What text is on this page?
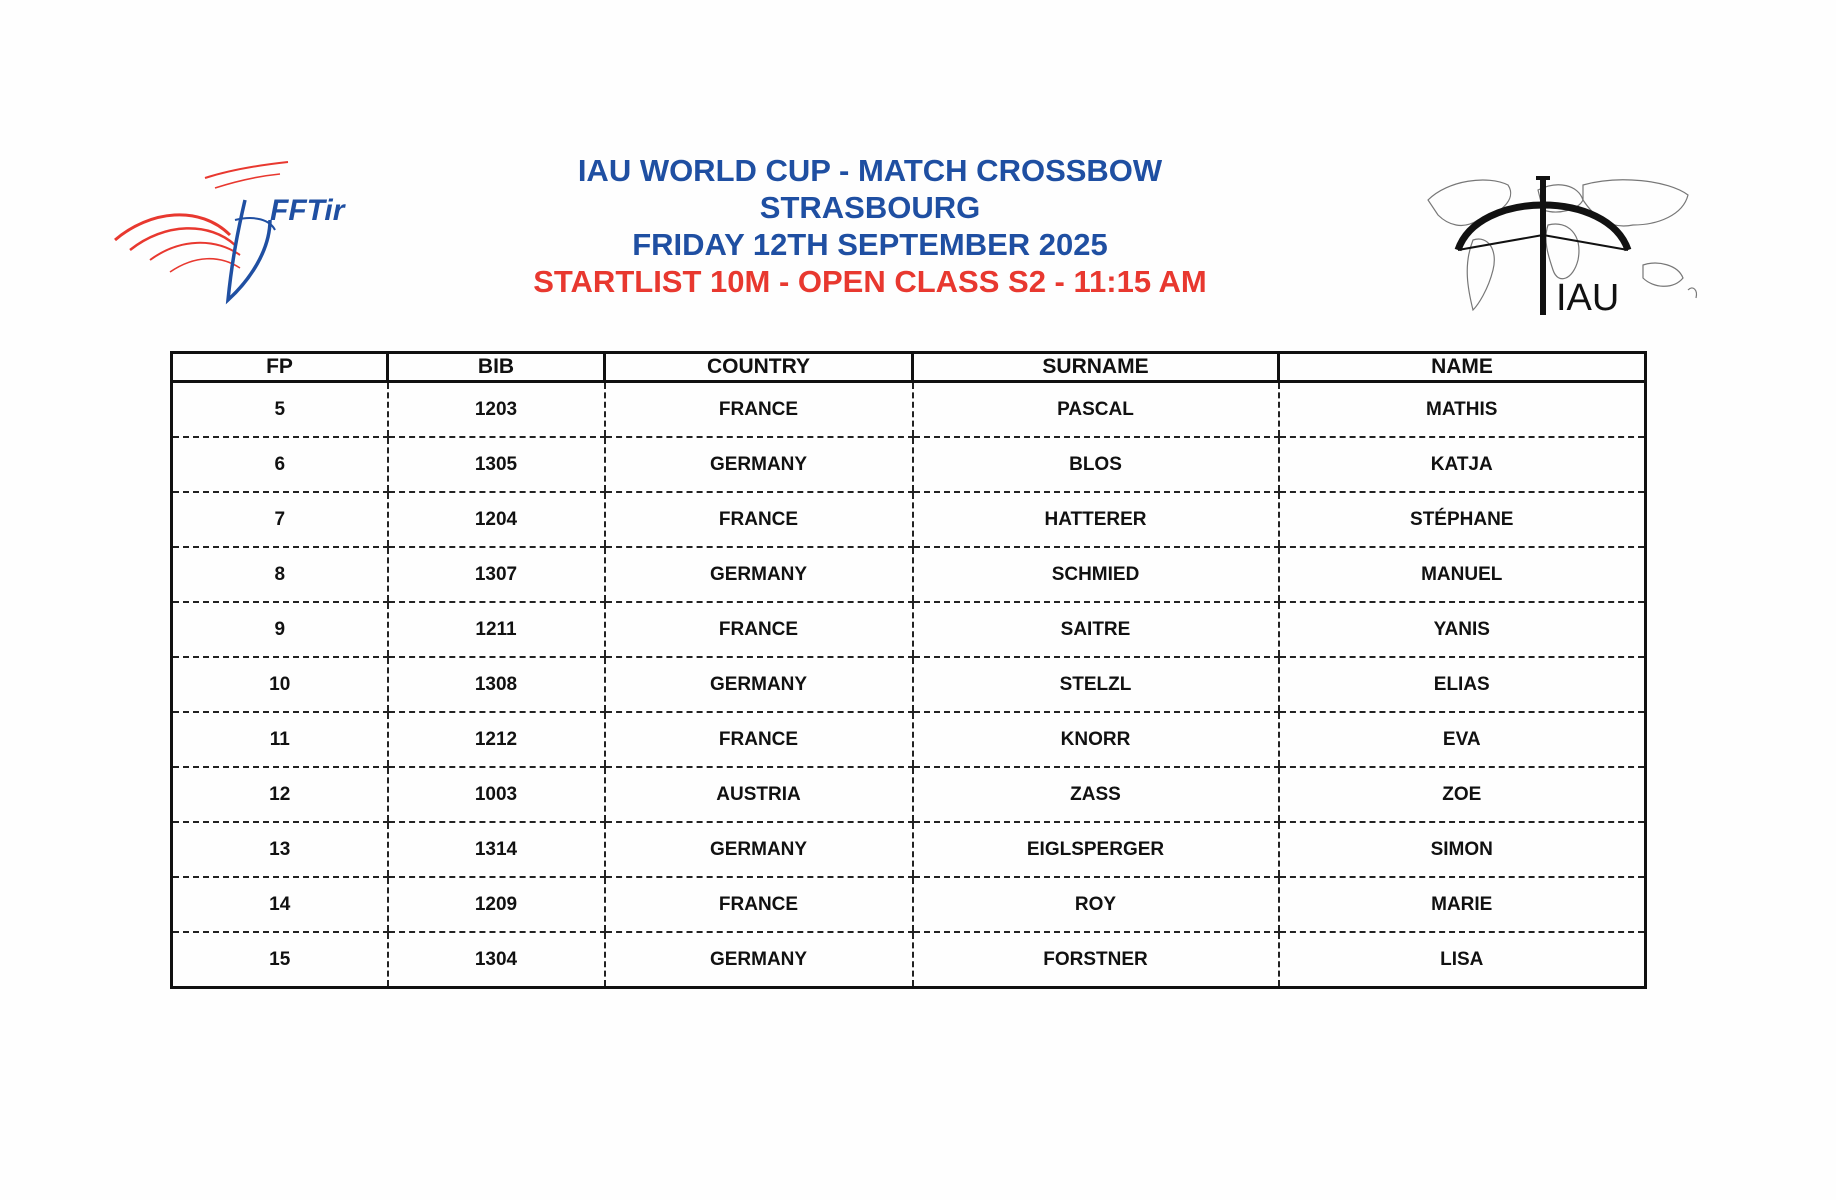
FFTir
IAU WORLD CUP - MATCH CROSSBOW
STRASBOURG
FRIDAY 12TH SEPTEMBER 2025
STARTLIST 10M - OPEN CLASS S2 - 11:15 AM	IAU
FP	BIB	COUNTRY	SURNAME	NAME
5	1203	FRANCE	PASCAL	MATHIS
6	1305	GERMANY	BLOS	KATJA
7	1204	FRANCE	HATTERER	STÉPHANE
8	1307	GERMANY	SCHMIED	MANUEL
9	1211	FRANCE	SAITRE	YANIS
10	1308	GERMANY	STELZL	ELIAS
11	1212	FRANCE	KNORR	EVA
12	1003	AUSTRIA	ZASS	ZOE
13	1314	GERMANY	EIGLSPERGER	SIMON
14	1209	FRANCE	ROY	MARIE
15	1304	GERMANY	FORSTNER	LISA
